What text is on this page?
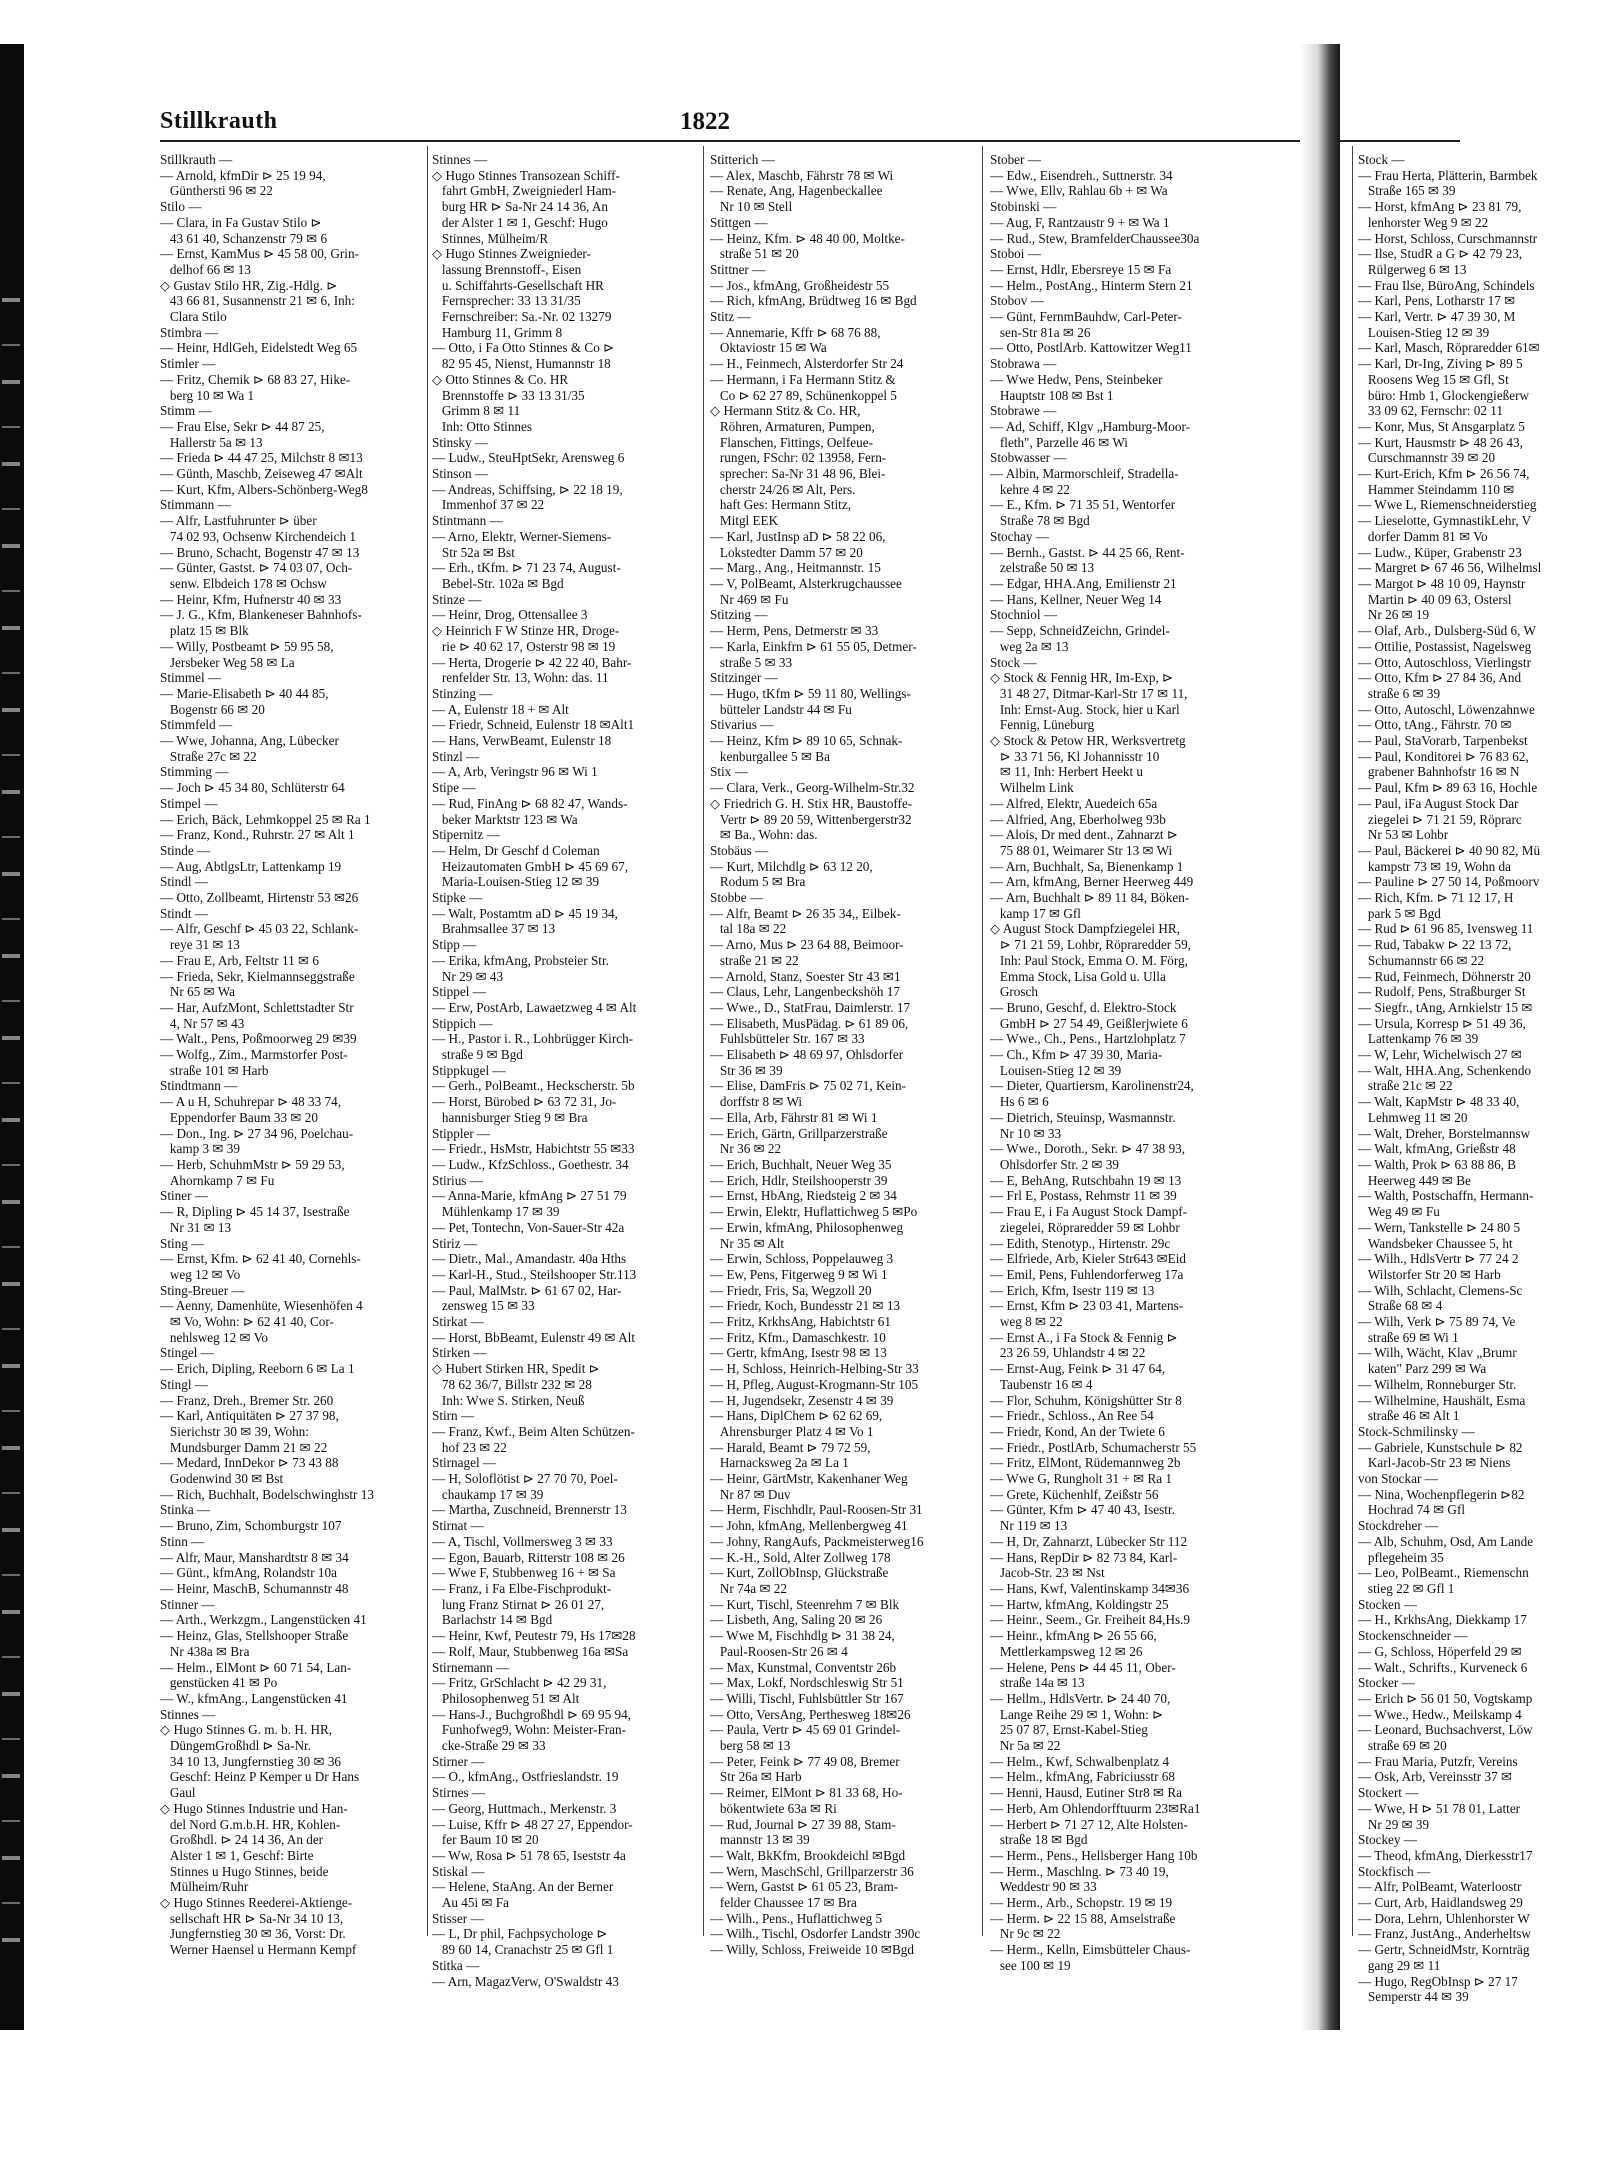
Stillkrauth	1822
Stillkrauth —
— Arnold, kfmDir ⊳ 25 19 94,
Günthersti 96 ✉ 22
Stilo —
— Clara, in Fa Gustav Stilo ⊳
43 61 40, Schanzenstr 79 ✉ 6
— Ernst, KamMus ⊳ 45 58 00, Grin-
delhof 66 ✉ 13
◇ Gustav Stilo HR, Zig.-Hdlg. ⊳
43 66 81, Susannenstr 21 ✉ 6, Inh:
Clara Stilo
Stimbra —
— Heinr, HdlGeh, Eidelstedt Weg 65
Stimler —
— Fritz, Chemik ⊳ 68 83 27, Hike-
berg 10 ✉ Wa 1
Stimm —
— Frau Else, Sekr ⊳ 44 87 25,
Hallerstr 5a ✉ 13
— Frieda ⊳ 44 47 25, Milchstr 8 ✉13
— Günth, Maschb, Zeiseweg 47 ✉Alt
— Kurt, Kfm, Albers-Schönberg-Weg8
Stimmann —
— Alfr, Lastfuhrunter ⊳ über
74 02 93, Ochsenw Kirchendeich 1
— Bruno, Schacht, Bogenstr 47 ✉ 13
— Günter, Gastst. ⊳ 74 03 07, Och-
senw. Elbdeich 178 ✉ Ochsw
— Heinr, Kfm, Hufnerstr 40 ✉ 33
— J. G., Kfm, Blankeneser Bahnhofs-
platz 15 ✉ Blk
— Willy, Postbeamt ⊳ 59 95 58,
Jersbeker Weg 58 ✉ La
Stimmel —
— Marie-Elisabeth ⊳ 40 44 85,
Bogenstr 66 ✉ 20
Stimmfeld —
— Wwe, Johanna, Ang, Lübecker
Straße 27c ✉ 22
Stimming —
— Joch ⊳ 45 34 80, Schlüterstr 64
Stimpel —
— Erich, Bäck, Lehmkoppel 25 ✉ Ra 1
— Franz, Kond., Ruhrstr. 27 ✉ Alt 1
Stinde —
— Aug, AbtlgsLtr, Lattenkamp 19
Stindl —
— Otto, Zollbeamt, Hirtenstr 53 ✉26
Stindt —
— Alfr, Geschf ⊳ 45 03 22, Schlank-
reye 31 ✉ 13
— Frau E, Arb, Feltstr 11 ✉ 6
— Frieda, Sekr, Kielmannseggstraße
Nr 65 ✉ Wa
— Har, AufzMont, Schlettstadter Str
4, Nr 57 ✉ 43
— Walt., Pens, Poßmoorweg 29 ✉39
— Wolfg., Zim., Marmstorfer Post-
straße 101 ✉ Harb
Stindtmann —
— A u H, Schuhrepar ⊳ 48 33 74,
Eppendorfer Baum 33 ✉ 20
— Don., Ing. ⊳ 27 34 96, Poelchau-
kamp 3 ✉ 39
— Herb, SchuhmMstr ⊳ 59 29 53,
Ahornkamp 7 ✉ Fu
Stiner —
— R, Dipling ⊳ 45 14 37, Isestraße
Nr 31 ✉ 13
Sting —
— Ernst, Kfm. ⊳ 62 41 40, Cornehls-
weg 12 ✉ Vo
Sting-Breuer —
— Aenny, Damenhüte, Wiesenhöfen 4
✉ Vo, Wohn: ⊳ 62 41 40, Cor-
nehlsweg 12 ✉ Vo
Stingel —
— Erich, Dipling, Reeborn 6 ✉ La 1
Stingl —
— Franz, Dreh., Bremer Str. 260
— Karl, Antiquitäten ⊳ 27 37 98,
Sierichstr 30 ✉ 39, Wohn:
Mundsburger Damm 21 ✉ 22
— Medard, InnDekor ⊳ 73 43 88
Godenwind 30 ✉ Bst
— Rich, Buchhalt, Bodelschwinghstr 13
Stinka —
— Bruno, Zim, Schomburgstr 107
Stinn —
— Alfr, Maur, Manshardtstr 8 ✉ 34
— Günt., kfmAng, Rolandstr 10a
— Heinr, MaschB, Schumannstr 48
Stinner —
— Arth., Werkzgm., Langenstücken 41
— Heinz, Glas, Stellshooper Straße
Nr 438a ✉ Bra
— Helm., ElMont ⊳ 60 71 54, Lan-
genstücken 41 ✉ Po
— W., kfmAng., Langenstücken 41
Stinnes —
◇ Hugo Stinnes G. m. b. H. HR,
DüngemGroßhdl ⊳ Sa-Nr.
34 10 13, Jungfernstieg 30 ✉ 36
Geschf: Heinz P Kemper u Dr Hans
Gaul
◇ Hugo Stinnes Industrie und Han-
del Nord G.m.b.H. HR, Kohlen-
Großhdl. ⊳ 24 14 36, An der
Alster 1 ✉ 1, Geschf: Birte
Stinnes u Hugo Stinnes, beide
Mülheim/Ruhr
◇ Hugo Stinnes Reederei-Aktienge-
sellschaft HR ⊳ Sa-Nr 34 10 13,
Jungfernstieg 30 ✉ 36, Vorst: Dr.
Werner Haensel u Hermann Kempf
Stinnes —
◇ Hugo Stinnes Transozean Schiff-
fahrt GmbH, Zweigniederl Ham-
burg HR ⊳ Sa-Nr 24 14 36, An
der Alster 1 ✉ 1, Geschf: Hugo
Stinnes, Mülheim/R
◇ Hugo Stinnes Zweignieder-
lassung Brennstoff-, Eisen
u. Schiffahrts-Gesellschaft HR
Fernsprecher: 33 13 31/35
Fernschreiber: Sa.-Nr. 02 13279
Hamburg 11, Grimm 8
— Otto, i Fa Otto Stinnes & Co ⊳
82 95 45, Nienst, Humannstr 18
◇ Otto Stinnes & Co. HR
Brennstoffe ⊳ 33 13 31/35
Grimm 8 ✉ 11
Inh: Otto Stinnes
Stinsky —
— Ludw., SteuHptSekr, Arensweg 6
Stinson —
— Andreas, Schiffsing, ⊳ 22 18 19,
Immenhof 37 ✉ 22
Stintmann —
— Arno, Elektr, Werner-Siemens-
Str 52a ✉ Bst
— Erh., tKfm. ⊳ 71 23 74, August-
Bebel-Str. 102a ✉ Bgd
Stinze —
— Heinr, Drog, Ottensallee 3
◇ Heinrich F W Stinze HR, Droge-
rie ⊳ 40 62 17, Osterstr 98 ✉ 19
— Herta, Drogerie ⊳ 42 22 40, Bahr-
renfelder Str. 13, Wohn: das. 11
Stinzing —
— A, Eulenstr 18 + ✉ Alt
— Friedr, Schneid, Eulenstr 18 ✉Alt1
— Hans, VerwBeamt, Eulenstr 18
Stinzl —
— A, Arb, Veringstr 96 ✉ Wi 1
Stipe —
— Rud, FinAng ⊳ 68 82 47, Wands-
beker Marktstr 123 ✉ Wa
Stipernitz —
— Helm, Dr Geschf d Coleman
Heizautomaten GmbH ⊳ 45 69 67,
Maria-Louisen-Stieg 12 ✉ 39
Stipke —
— Walt, Postamtm aD ⊳ 45 19 34,
Brahmsallee 37 ✉ 13
Stipp —
— Erika, kfmAng, Probsteier Str.
Nr 29 ✉ 43
Stippel —
— Erw, PostArb, Lawaetzweg 4 ✉ Alt
Stippich —
— H., Pastor i. R., Lohbrügger Kirch-
straße 9 ✉ Bgd
Stippkugel —
— Gerh., PolBeamt., Heckscherstr. 5b
— Horst, Bürobed ⊳ 63 72 31, Jo-
hannisburger Stieg 9 ✉ Bra
Stippler —
— Friedr., HsMstr, Habichtstr 55 ✉33
— Ludw., KfzSchloss., Goethestr. 34
Stirius —
— Anna-Marie, kfmAng ⊳ 27 51 79
Mühlenkamp 17 ✉ 39
— Pet, Tontechn, Von-Sauer-Str 42a
Stiriz —
— Dietr., Mal., Amandastr. 40a Hths
— Karl-H., Stud., Steilshooper Str.113
— Paul, MalMstr. ⊳ 61 67 02, Har-
zensweg 15 ✉ 33
Stirkat —
— Horst, BbBeamt, Eulenstr 49 ✉ Alt
Stirken —
◇ Hubert Stirken HR, Spedit ⊳
78 62 36/7, Billstr 232 ✉ 28
Inh: Wwe S. Stirken, Neuß
Stirn —
— Franz, Kwf., Beim Alten Schützen-
hof 23 ✉ 22
Stirnagel —
— H, Soloflötist ⊳ 27 70 70, Poel-
chaukamp 17 ✉ 39
— Martha, Zuschneid, Brennerstr 13
Stirnat —
— A, Tischl, Vollmersweg 3 ✉ 33
— Egon, Bauarb, Ritterstr 108 ✉ 26
— Wwe F, Stubbenweg 16 + ✉ Sa
— Franz, i Fa Elbe-Fischprodukt-
lung Franz Stirnat ⊳ 26 01 27,
Barlachstr 14 ✉ Bgd
— Heinr, Kwf, Peutestr 79, Hs 17✉28
— Rolf, Maur, Stubbenweg 16a ✉Sa
Stirnemann —
— Fritz, GrSchlacht ⊳ 42 29 31,
Philosophenweg 51 ✉ Alt
— Hans-J., Buchgroßhdl ⊳ 69 95 94,
Funhofweg9, Wohn: Meister-Fran-
cke-Straße 29 ✉ 33
Stirner —
— O., kfmAng., Ostfrieslandstr. 19
Stirnes —
— Georg, Huttmach., Merkenstr. 3
— Luise, Kffr ⊳ 48 27 27, Eppendor-
fer Baum 10 ✉ 20
— Ww, Rosa ⊳ 51 78 65, Iseststr 4a
Stiskal —
— Helene, StaAng. An der Berner
Au 45i ✉ Fa
Stisser —
— L, Dr phil, Fachpsychologe ⊳
89 60 14, Cranachstr 25 ✉ Gfl 1
Stitka —
— Arn, MagazVerw, O'Swaldstr 43
Stitterich —
— Alex, Maschb, Fährstr 78 ✉ Wi
— Renate, Ang, Hagenbeckallee
Nr 10 ✉ Stell
Stittgen —
— Heinz, Kfm. ⊳ 48 40 00, Moltke-
straße 51 ✉ 20
Stittner —
— Jos., kfmAng, Großheidestr 55
— Rich, kfmAng, Brüdtweg 16 ✉ Bgd
Stitz —
— Annemarie, Kffr ⊳ 68 76 88,
Oktaviostr 15 ✉ Wa
— H., Feinmech, Alsterdorfer Str 24
— Hermann, i Fa Hermann Stitz &
Co ⊳ 62 27 89, Schünenkoppel 5
◇ Hermann Stitz & Co. HR,
Röhren, Armaturen, Pumpen,
Flanschen, Fittings, Oelfeue-
rungen, FSchr: 02 13958, Fern-
sprecher: Sa-Nr 31 48 96, Blei-
cherstr 24/26 ✉ Alt, Pers.
haft Ges: Hermann Stitz,
Mitgl EEK
— Karl, JustInsp aD ⊳ 58 22 06,
Lokstedter Damm 57 ✉ 20
— Marg., Ang., Heitmannstr. 15
— V, PolBeamt, Alsterkrugchaussee
Nr 469 ✉ Fu
Stitzing —
— Herm, Pens, Detmerstr ✉ 33
— Karla, Einkfrn ⊳ 61 55 05, Detmer-
straße 5 ✉ 33
Stitzinger —
— Hugo, tKfm ⊳ 59 11 80, Wellings-
bütteler Landstr 44 ✉ Fu
Stivarius —
— Heinz, Kfm ⊳ 89 10 65, Schnak-
kenburgallee 5 ✉ Ba
Stix —
— Clara, Verk., Georg-Wilhelm-Str.32
◇ Friedrich G. H. Stix HR, Baustoffe-
Vertr ⊳ 89 20 59, Wittenbergerstr32
✉ Ba., Wohn: das.
Stobäus —
— Kurt, Milchdlg ⊳ 63 12 20,
Rodum 5 ✉ Bra
Stobbe —
— Alfr, Beamt ⊳ 26 35 34,, Eilbek-
tal 18a ✉ 22
— Arno, Mus ⊳ 23 64 88, Beimoor-
straße 21 ✉ 22
— Arnold, Stanz, Soester Str 43 ✉1
— Claus, Lehr, Langenbeckshöh 17
— Wwe., D., StatFrau, Daimlerstr. 17
— Elisabeth, MusPädag. ⊳ 61 89 06,
Fuhlsbütteler Str. 167 ✉ 33
— Elisabeth ⊳ 48 69 97, Ohlsdorfer
Str 36 ✉ 39
— Elise, DamFris ⊳ 75 02 71, Kein-
dorffstr 8 ✉ Wi
— Ella, Arb, Fährstr 81 ✉ Wi 1
— Erich, Gärtn, Grillparzerstraße
Nr 36 ✉ 22
— Erich, Buchhalt, Neuer Weg 35
— Erich, Hdlr, Steilshooperstr 39
— Ernst, HbAng, Riedsteig 2 ✉ 34
— Erwin, Elektr, Huflattichweg 5 ✉Po
— Erwin, kfmAng, Philosophenweg
Nr 35 ✉ Alt
— Erwin, Schloss, Poppelauweg 3
— Ew, Pens, Fitgerweg 9 ✉ Wi 1
— Friedr, Fris, Sa, Wegzoll 20
— Friedr, Koch, Bundesstr 21 ✉ 13
— Fritz, KrkhsAng, Habichtstr 61
— Fritz, Kfm., Damaschkestr. 10
— Gertr, kfmAng, Isestr 98 ✉ 13
— H, Schloss, Heinrich-Helbing-Str 33
— H, Pfleg, August-Krogmann-Str 105
— H, Jugendsekr, Zesenstr 4 ✉ 39
— Hans, DiplChem ⊳ 62 62 69,
Ahrensburger Platz 4 ✉ Vo 1
— Harald, Beamt ⊳ 79 72 59,
Harnacksweg 2a ✉ La 1
— Heinr, GärtMstr, Kakenhaner Weg
Nr 87 ✉ Duv
— Herm, Fischhdlr, Paul-Roosen-Str 31
— John, kfmAng, Mellenbergweg 41
— Johny, RangAufs, Packmeisterweg16
— K.-H., Sold, Alter Zollweg 178
— Kurt, ZollObInsp, Glückstraße
Nr 74a ✉ 22
— Kurt, Tischl, Steenrehm 7 ✉ Blk
— Lisbeth, Ang, Saling 20 ✉ 26
— Wwe M, Fischhdlg ⊳ 31 38 24,
Paul-Roosen-Str 26 ✉ 4
— Max, Kunstmal, Conventstr 26b
— Max, Lokf, Nordschleswig Str 51
— Willi, Tischl, Fuhlsbüttler Str 167
— Otto, VersAng, Perthesweg 18✉26
— Paula, Vertr ⊳ 45 69 01 Grindel-
berg 58 ✉ 13
— Peter, Feink ⊳ 77 49 08, Bremer
Str 26a ✉ Harb
— Reimer, ElMont ⊳ 81 33 68, Ho-
bökentwiete 63a ✉ Ri
— Rud, Journal ⊳ 27 39 88, Stam-
mannstr 13 ✉ 39
— Walt, BkKfm, Brookdeichl ✉Bgd
— Wern, MaschSchl, Grillparzerstr 36
— Wern, Gastst ⊳ 61 05 23, Bram-
felder Chaussee 17 ✉ Bra
— Wilh., Pens., Huflattichweg 5
— Wilh., Tischl, Osdorfer Landstr 390c
— Willy, Schloss, Freiweide 10 ✉Bgd
Stober —
— Edw., Eisendreh., Suttnerstr. 34
— Wwe, Ellv, Rahlau 6b + ✉ Wa
Stobinski —
— Aug, F, Rantzaustr 9 + ✉ Wa 1
— Rud., Stew, BramfelderChaussee30a
Stoboi —
— Ernst, Hdlr, Ebersreye 15 ✉ Fa
— Helm., PostAng., Hinterm Stern 21
Stobov —
— Günt, FernmBauhdw, Carl-Peter-
sen-Str 81a ✉ 26
— Otto, PostlArb. Kattowitzer Weg11
Stobrawa —
— Wwe Hedw, Pens, Steinbeker
Hauptstr 108 ✉ Bst 1
Stobrawe —
— Ad, Schiff, Klgv „Hamburg-Moor-
fleth", Parzelle 46 ✉ Wi
Stobwasser —
— Albin, Marmorschleif, Stradella-
kehre 4 ✉ 22
— E., Kfm. ⊳ 71 35 51, Wentorfer
Straße 78 ✉ Bgd
Stochay —
— Bernh., Gastst. ⊳ 44 25 66, Rent-
zelstraße 50 ✉ 13
— Edgar, HHA.Ang, Emilienstr 21
— Hans, Kellner, Neuer Weg 14
Stochniol —
— Sepp, SchneidZeichn, Grindel-
weg 2a ✉ 13
Stock —
◇ Stock & Fennig HR, Im-Exp, ⊳
31 48 27, Ditmar-Karl-Str 17 ✉ 11,
Inh: Ernst-Aug. Stock, hier u Karl
Fennig, Lüneburg
◇ Stock & Petow HR, Werksvertretg
⊳ 33 71 56, Kl Johannisstr 10
✉ 11, Inh: Herbert Heekt u
Wilhelm Link
— Alfred, Elektr, Auedeich 65a
— Alfried, Ang, Eberholweg 93b
— Alois, Dr med dent., Zahnarzt ⊳
75 88 01, Weimarer Str 13 ✉ Wi
— Arn, Buchhalt, Sa, Bienenkamp 1
— Arn, kfmAng, Berner Heerweg 449
— Arn, Buchhalt ⊳ 89 11 84, Böken-
kamp 17 ✉ Gfl
◇ August Stock Dampfziegelei HR,
⊳ 71 21 59, Lohbr, Röpraredder 59,
Inh: Paul Stock, Emma O. M. Förg,
Emma Stock, Lisa Gold u. Ulla
Grosch
— Bruno, Geschf, d. Elektro-Stock
GmbH ⊳ 27 54 49, Geißlerjwiete 6
— Wwe., Ch., Pens., Hartzlohplatz 7
— Ch., Kfm ⊳ 47 39 30, Maria-
Louisen-Stieg 12 ✉ 39
— Dieter, Quartiersm, Karolinenstr24,
Hs 6 ✉ 6
— Dietrich, Steuinsp, Wasmannstr.
Nr 10 ✉ 33
— Wwe., Doroth., Sekr. ⊳ 47 38 93,
Ohlsdorfer Str. 2 ✉ 39
— E, BehAng, Rutschbahn 19 ✉ 13
— Frl E, Postass, Rehmstr 11 ✉ 39
— Frau E, i Fa August Stock Dampf-
ziegelei, Röpraredder 59 ✉ Lohbr
— Edith, Stenotyp., Hirtenstr. 29c
— Elfriede, Arb, Kieler Str643 ✉Eid
— Emil, Pens, Fuhlendorferweg 17a
— Erich, Kfm, Isestr 119 ✉ 13
— Ernst, Kfm ⊳ 23 03 41, Martens-
weg 8 ✉ 22
— Ernst A., i Fa Stock & Fennig ⊳
23 26 59, Uhlandstr 4 ✉ 22
— Ernst-Aug, Feink ⊳ 31 47 64,
Taubenstr 16 ✉ 4
— Flor, Schuhm, Königshütter Str 8
— Friedr., Schloss., An Ree 54
— Friedr, Kond, An der Twiete 6
— Friedr., PostlArb, Schumacherstr 55
— Fritz, ElMont, Rüdemannweg 2b
— Wwe G, Rungholt 31 + ✉ Ra 1
— Grete, Küchenhlf, Zeißstr 56
— Günter, Kfm ⊳ 47 40 43, Isestr.
Nr 119 ✉ 13
— H, Dr, Zahnarzt, Lübecker Str 112
— Hans, RepDir ⊳ 82 73 84, Karl-
Jacob-Str. 23 ✉ Nst
— Hans, Kwf, Valentinskamp 34✉36
— Hartw, kfmAng, Koldingstr 25
— Heinr., Seem., Gr. Freiheit 84,Hs.9
— Heinr., kfmAng ⊳ 26 55 66,
Mettlerkampsweg 12 ✉ 26
— Helene, Pens ⊳ 44 45 11, Ober-
straße 14a ✉ 13
— Hellm., HdlsVertr. ⊳ 24 40 70,
Lange Reihe 29 ✉ 1, Wohn: ⊳
25 07 87, Ernst-Kabel-Stieg
Nr 5a ✉ 22
— Helm., Kwf, Schwalbenplatz 4
— Helm., kfmAng, Fabriciusstr 68
— Henni, Hausd, Eutiner Str8 ✉ Ra
— Herb, Am Ohlendorfftuurm 23✉Ra1
— Herbert ⊳ 71 27 12, Alte Holsten-
straße 18 ✉ Bgd
— Herm., Pens., Hellsberger Hang 10b
— Herm., Maschlng. ⊳ 73 40 19,
Weddestr 90 ✉ 33
— Herm., Arb., Schopstr. 19 ✉ 19
— Herm. ⊳ 22 15 88, Amselstraße
Nr 9c ✉ 22
— Herm., Kelln, Eimsbütteler Chaus-
see 100 ✉ 19
Stock —
— Frau Herta, Plätterin, Barmbek
Straße 165 ✉ 39
— Horst, kfmAng ⊳ 23 81 79,
lenhorster Weg 9 ✉ 22
— Horst, Schloss, Curschmannstr
— Ilse, StudR a G ⊳ 42 79 23,
Rülgerweg 6 ✉ 13
— Frau Ilse, BüroAng, Schindels
— Karl, Pens, Lotharstr 17 ✉
— Karl, Vertr. ⊳ 47 39 30, M
Louisen-Stieg 12 ✉ 39
— Karl, Masch, Röpraredder 61✉
— Karl, Dr-Ing, Ziving ⊳ 89 5
Roosens Weg 15 ✉ Gfl, St
büro: Hmb 1, Glockengießerw
33 09 62, Fernschr: 02 11
— Konr, Mus, St Ansgarplatz 5
— Kurt, Hausmstr ⊳ 48 26 43,
Curschmannstr 39 ✉ 20
— Kurt-Erich, Kfm ⊳ 26 56 74,
Hammer Steindamm 110 ✉
— Wwe L, Riemenschneiderstieg
— Lieselotte, GymnastikLehr, V
dorfer Damm 81 ✉ Vo
— Ludw., Küper, Grabenstr 23
— Margret ⊳ 67 46 56, Wilhelmsl
— Margot ⊳ 48 10 09, Haynstr
Martin ⊳ 40 09 63, Ostersl
Nr 26 ✉ 19
— Olaf, Arb., Dulsberg-Süd 6, W
— Ottilie, Postassist, Nagelsweg
— Otto, Autoschloss, Vierlingstr
— Otto, Kfm ⊳ 27 84 36, And
straße 6 ✉ 39
— Otto, Autoschl, Löwenzahnwe
— Otto, tAng., Fährstr. 70 ✉
— Paul, StaVorarb, Tarpenbekst
— Paul, Konditorei ⊳ 76 83 62,
grabener Bahnhofstr 16 ✉ N
— Paul, Kfm ⊳ 89 63 16, Hochle
— Paul, iFa August Stock Dar
ziegelei ⊳ 71 21 59, Röprarc
Nr 53 ✉ Lohbr
— Paul, Bäckerei ⊳ 40 90 82, Mü
kampstr 73 ✉ 19, Wohn da
— Pauline ⊳ 27 50 14, Poßmoorv
— Rich, Kfm. ⊳ 71 12 17, H
park 5 ✉ Bgd
— Rud ⊳ 61 96 85, Ivensweg 11
— Rud, Tabakw ⊳ 22 13 72,
Schumannstr 66 ✉ 22
— Rud, Feinmech, Döhnerstr 20
— Rudolf, Pens, Straßburger St
— Siegfr., tAng, Arnkielstr 15 ✉
— Ursula, Korresp ⊳ 51 49 36,
Lattenkamp 76 ✉ 39
— W, Lehr, Wichelwisch 27 ✉
— Walt, HHA.Ang, Schenkendo
straße 21c ✉ 22
— Walt, KapMstr ⊳ 48 33 40,
Lehmweg 11 ✉ 20
— Walt, Dreher, Borstelmannsw
— Walt, kfmAng, Grießstr 48
— Walth, Prok ⊳ 63 88 86, B
Heerweg 449 ✉ Be
— Walth, Postschaffn, Hermann-
Weg 49 ✉ Fu
— Wern, Tankstelle ⊳ 24 80 5
Wandsbeker Chaussee 5, ht
— Wilh., HdlsVertr ⊳ 77 24 2
Wilstorfer Str 20 ✉ Harb
— Wilh, Schlacht, Clemens-Sc
Straße 68 ✉ 4
— Wilh, Verk ⊳ 75 89 74, Ve
straße 69 ✉ Wi 1
— Wilh, Wächt, Klav „Brumr
katen" Parz 299 ✉ Wa
— Wilhelm, Ronneburger Str.
— Wilhelmine, Haushält, Esma
straße 46 ✉ Alt 1
Stock-Schmilinsky —
— Gabriele, Kunstschule ⊳ 82
Karl-Jacob-Str 23 ✉ Niens
von Stockar —
— Nina, Wochenpflegerin ⊳82
Hochrad 74 ✉ Gfl
Stockdreher —
— Alb, Schuhm, Osd, Am Lande
pflegeheim 35
— Leo, PolBeamt., Riemenschn
stieg 22 ✉ Gfl 1
Stocken —
— H., KrkhsAng, Diekkamp 17
Stockenschneider —
— G, Schloss, Höperfeld 29 ✉
— Walt., Schrifts., Kurveneck 6
Stocker —
— Erich ⊳ 56 01 50, Vogtskamp
— Wwe., Hedw., Meilskamp 4
— Leonard, Buchsachverst, Löw
straße 69 ✉ 20
— Frau Maria, Putzfr, Vereins
— Osk, Arb, Vereinsstr 37 ✉
Stockert —
— Wwe, H ⊳ 51 78 01, Latter
Nr 29 ✉ 39
Stockey —
— Theod, kfmAng, Dierkesstr17
Stockfisch —
— Alfr, PolBeamt, Waterloostr
— Curt, Arb, Haidlandsweg 29
— Dora, Lehrn, Uhlenhorster W
— Franz, JustAng., Anderheltsw
— Gertr, SchneidMstr, Kornträg
gang 29 ✉ 11
— Hugo, RegObInsp ⊳ 27 17
Semperstr 44 ✉ 39
